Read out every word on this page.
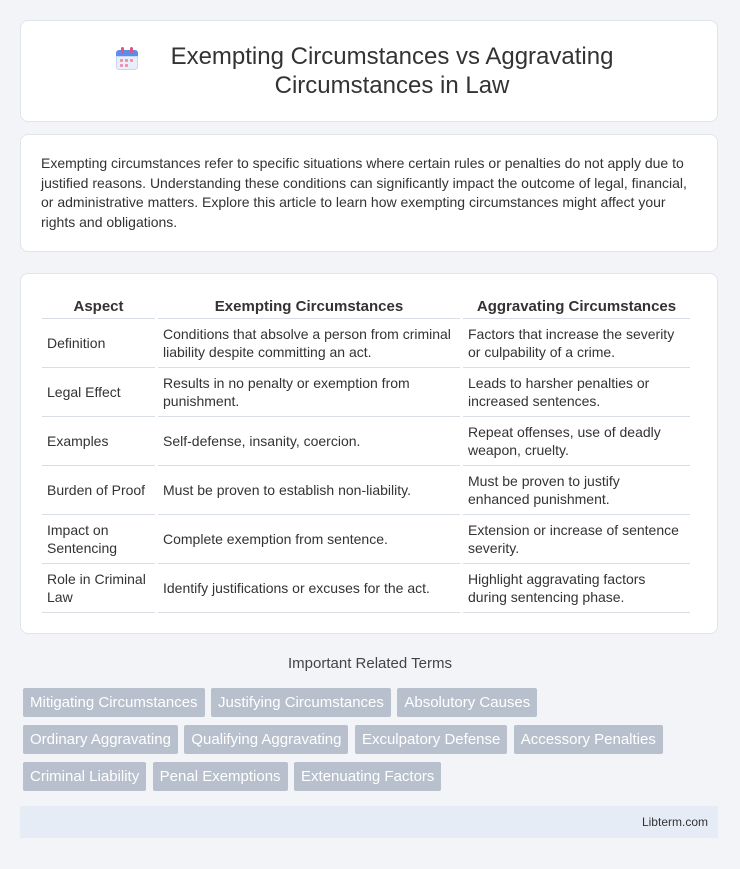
Exempting Circumstances vs Aggravating Circumstances in Law

Exempting circumstances refer to specific situations where certain rules or penalties do not apply due to justified reasons. Understanding these conditions can significantly impact the outcome of legal, financial, or administrative matters. Explore this article to learn how exempting circumstances might affect your rights and obligations.

Aspect	Exempting Circumstances	Aggravating Circumstances
Definition	Conditions that absolve a person from criminal liability despite committing an act.	Factors that increase the severity or culpability of a crime.
Legal Effect	Results in no penalty or exemption from punishment.	Leads to harsher penalties or increased sentences.
Examples	Self-defense, insanity, coercion.	Repeat offenses, use of deadly weapon, cruelty.
Burden of Proof	Must be proven to establish non-liability.	Must be proven to justify enhanced punishment.
Impact on Sentencing	Complete exemption from sentence.	Extension or increase of sentence severity.
Role in Criminal Law	Identify justifications or excuses for the act.	Highlight aggravating factors during sentencing phase.
Important Related Terms
Mitigating Circumstances Justifying Circumstances Absolutory Causes
Ordinary Aggravating Qualifying Aggravating Exculpatory Defense Accessory Penalties
Criminal Liability Penal Exemptions Extenuating Factors
Libterm.com
